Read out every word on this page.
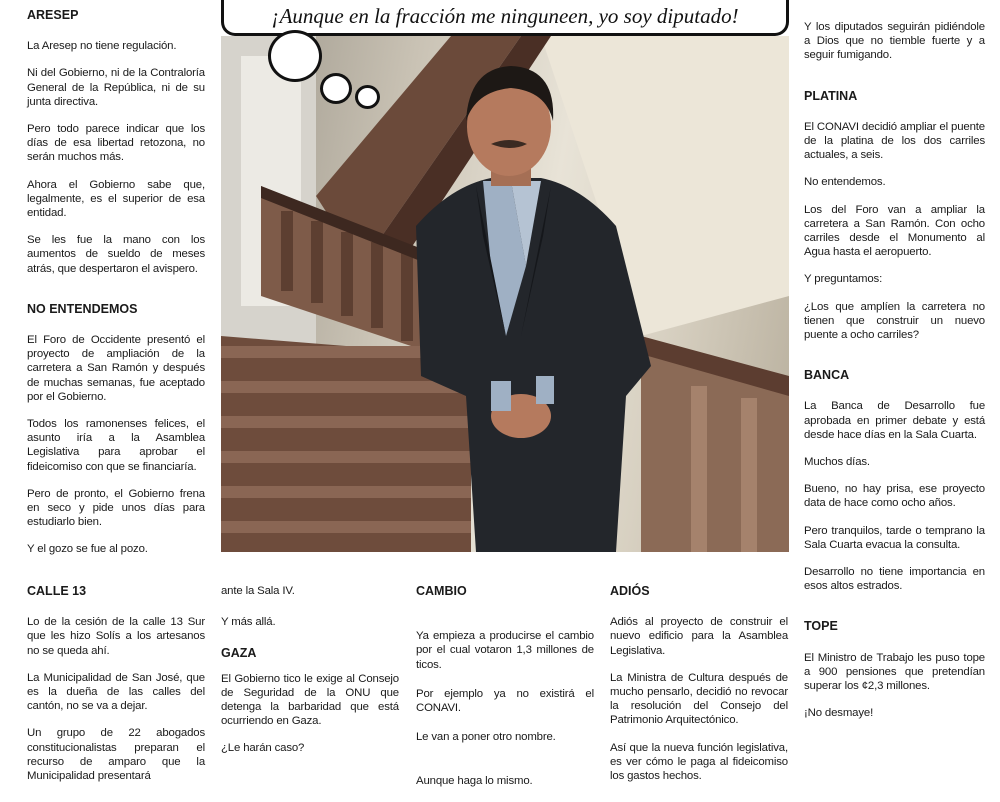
ARESEP

La Aresep no tiene regulación.

Ni del Gobierno, ni de la Contraloría General de la República, ni de su junta directiva.

Pero todo parece indicar que los días de esa libertad retozona, no serán muchos más.

Ahora el Gobierno sabe que, legalmente, es el superior de esa entidad.

Se les fue la mano con los aumentos de sueldo de meses atrás, que despertaron el avispero.

NO ENTENDEMOS

El Foro de Occidente presentó el proyecto de ampliación de la carretera a San Ramón y después de muchas semanas, fue aceptado por el Gobierno.

Todos los ramonenses felices, el asunto iría a la Asamblea Legislativa para aprobar el fideicomiso con que se financiaría.

Pero de pronto, el Gobierno frena en seco y pide unos días para estudiarlo bien.

Y el gozo se fue al pozo.

¡Aunque en la fracción me ninguneen, yo soy diputado!	Y los diputados seguirán pidiéndole a Dios que no tiemble fuerte y a seguir fumigando.

PLATINA

El CONAVI decidió ampliar el puente de la platina de los dos carriles actuales, a seis.

No entendemos.

Los del Foro van a ampliar la carretera a San Ramón. Con ocho carriles desde el Monumento al Agua hasta el aeropuerto.

Y preguntamos:

¿Los que amplíen la carretera no tienen que construir un nuevo puente a ocho carriles?

BANCA

La Banca de Desarrollo fue aprobada en primer debate y está desde hace días en la Sala Cuarta.

Muchos días.

Bueno, no hay prisa, ese proyecto data de hace como ocho años.

Pero tranquilos, tarde o temprano la Sala Cuarta evacua la consulta.

Desarrollo no tiene importancia en esos altos estrados.

TOPE

El Ministro de Trabajo les puso tope a 900 pensiones que pretendían superar los ¢2,3 millones.

¡No desmaye!

CALLE 13

Lo de la cesión de la calle 13 Sur que les hizo Solís a los artesanos no se queda ahí.

La Municipalidad de San José, que es la dueña de las calles del cantón, no se va a dejar.

Un grupo de 22 abogados constitucionalistas preparan el recurso de amparo que la Municipalidad presentará

ante la Sala IV.

Y más allá.

GAZA

El Gobierno tico le exige al Consejo de Seguridad de la ONU que detenga la barbaridad que está ocurriendo en Gaza.

¿Le harán caso?

CAMBIO

Ya empieza a producirse el cambio por el cual votaron 1,3 millones de ticos.

Por ejemplo ya no existirá el CONAVI.

Le van a poner otro nombre.

Aunque haga lo mismo.

ADIÓS

Adiós al proyecto de construir el nuevo edificio para la Asamblea Legislativa.

La Ministra de Cultura después de mucho pensarlo, decidió no revocar la resolución del Consejo del Patrimonio Arquitectónico.

Así que la nueva función legislativa, es ver cómo le paga al fideicomiso los gastos hechos.
